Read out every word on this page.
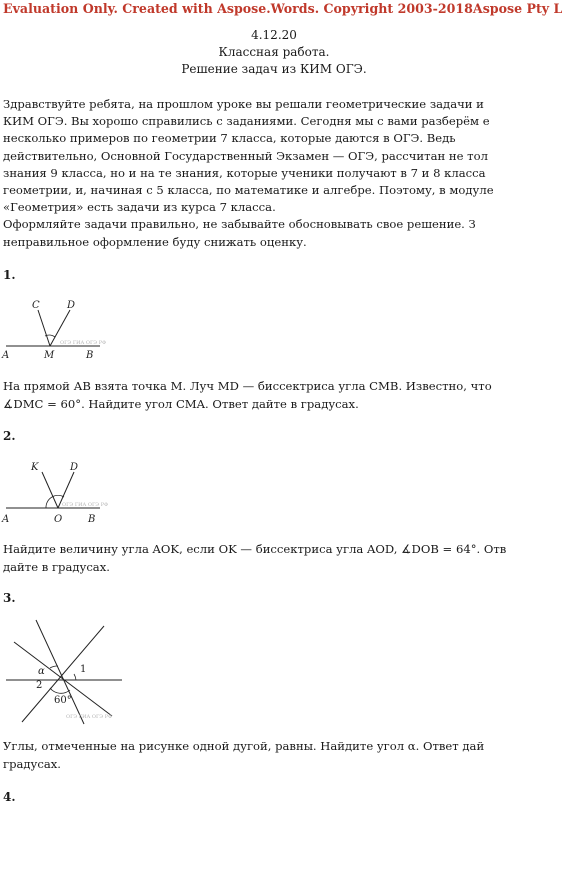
Evaluation Only. Created with Aspose.Words. Copyright 2003-2018Aspose Pty L
4.12.20
Классная работа.
Решение задач из КИМ ОГЭ.
Здравствуйте ребята, на прошлом уроке вы решали геометрические задачи и
КИМ ОГЭ. Вы хорошо справились с заданиями. Сегодня мы с вами разберём е
несколько примеров по геометрии 7 класса, которые даются в ОГЭ. Ведь
действительно, Основной Государственный Экзамен — ОГЭ, рассчитан не тол
знания 9 класса, но и на те знания, которые ученики получают в 7 и 8 класса
геометрии, и, начиная с 5 класса, по математике и алгебре. Поэтому, в модуле
«Геометрия» есть задачи из курса 7 класса.
Оформляйте задачи правильно, не забывайте обосновывать свое решение. З
неправильное оформление буду снижать оценку.
1.
C	D
A	M	B
ОГЭ ГИА ОГЭ РФ
На прямой АВ взята точка М. Луч MD — биссектриса угла CMB. Известно, что
∡DMC = 60°. Найдите угол CMA. Ответ дайте в градусах.
2.
K	D
A	O	B
ОГЭ ГИА ОГЭ РФ
Найдите величину угла AOK, если OK — биссектриса угла AOD, ∡DOB = 64°. Отв
дайте в градусах.
3.
α	1
2
60°
ОГЭ ГИА ОГЭ РФ
Углы, отмеченные на рисунке одной дугой, равны. Найдите угол α. Ответ дай
градусах.
4.
